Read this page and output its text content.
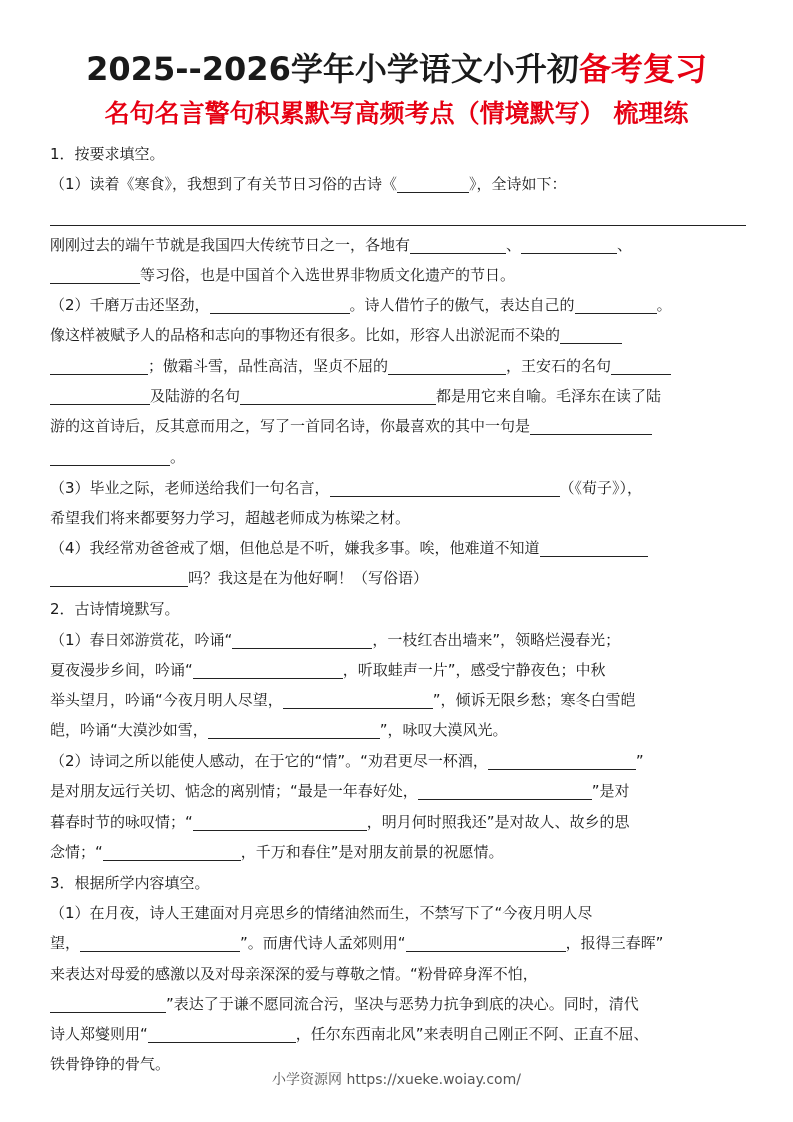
2025--2026学年小学语文小升初备考复习
名句名言警句积累默写高频考点（情境默写） 梳理练
1．按要求填空。
（1）读着《寒食》，我想到了有关节日习俗的古诗《	》，全诗如下：
刚刚过去的端午节就是我国四大传统节日之一，各地有	、	、
等习俗，也是中国首个入选世界非物质文化遗产的节日。
（2）千磨万击还坚劲，	。诗人借竹子的傲气，表达自己的	。
像这样被赋予人的品格和志向的事物还有很多。比如，形容人出淤泥而不染的
；傲霜斗雪，品性高洁，坚贞不屈的	，王安石的名句
及陆游的名句	都是用它来自喻。毛泽东在读了陆
游的这首诗后，反其意而用之，写了一首同名诗，你最喜欢的其中一句是
。
（3）毕业之际，老师送给我们一句名言，	（《荀子》），
希望我们将来都要努力学习，超越老师成为栋梁之材。
（4）我经常劝爸爸戒了烟，但他总是不听，嫌我多事。唉，他难道不知道
吗？我这是在为他好啊！（写俗语）
2．古诗情境默写。
（1）春日郊游赏花，吟诵“	，一枝红杏出墙来”，领略烂漫春光；
夏夜漫步乡间，吟诵“	，听取蛙声一片”，感受宁静夜色；中秋
举头望月，吟诵“今夜月明人尽望，	”，倾诉无限乡愁；寒冬白雪皑
皑，吟诵“大漠沙如雪，	”，咏叹大漠风光。
（2）诗词之所以能使人感动，在于它的“情”。“劝君更尽一杯酒，	”
是对朋友远行关切、惦念的离别情；“最是一年春好处，	”是对
暮春时节的咏叹情；“	，明月何时照我还”是对故人、故乡的思
念情；“	，千万和春住”是对朋友前景的祝愿情。
3．根据所学内容填空。
（1）在月夜，诗人王建面对月亮思乡的情绪油然而生，不禁写下了“今夜月明人尽
望，	”。而唐代诗人孟郊则用“	，报得三春晖”
来表达对母爱的感激以及对母亲深深的爱与尊敬之情。“粉骨碎身浑不怕，
”表达了于谦不愿同流合污，坚决与恶势力抗争到底的决心。同时，清代
诗人郑燮则用“	，任尔东西南北风”来表明自己刚正不阿、正直不屈、
铁骨铮铮的骨气。
小学资源网 https://xueke.woiay.com/
